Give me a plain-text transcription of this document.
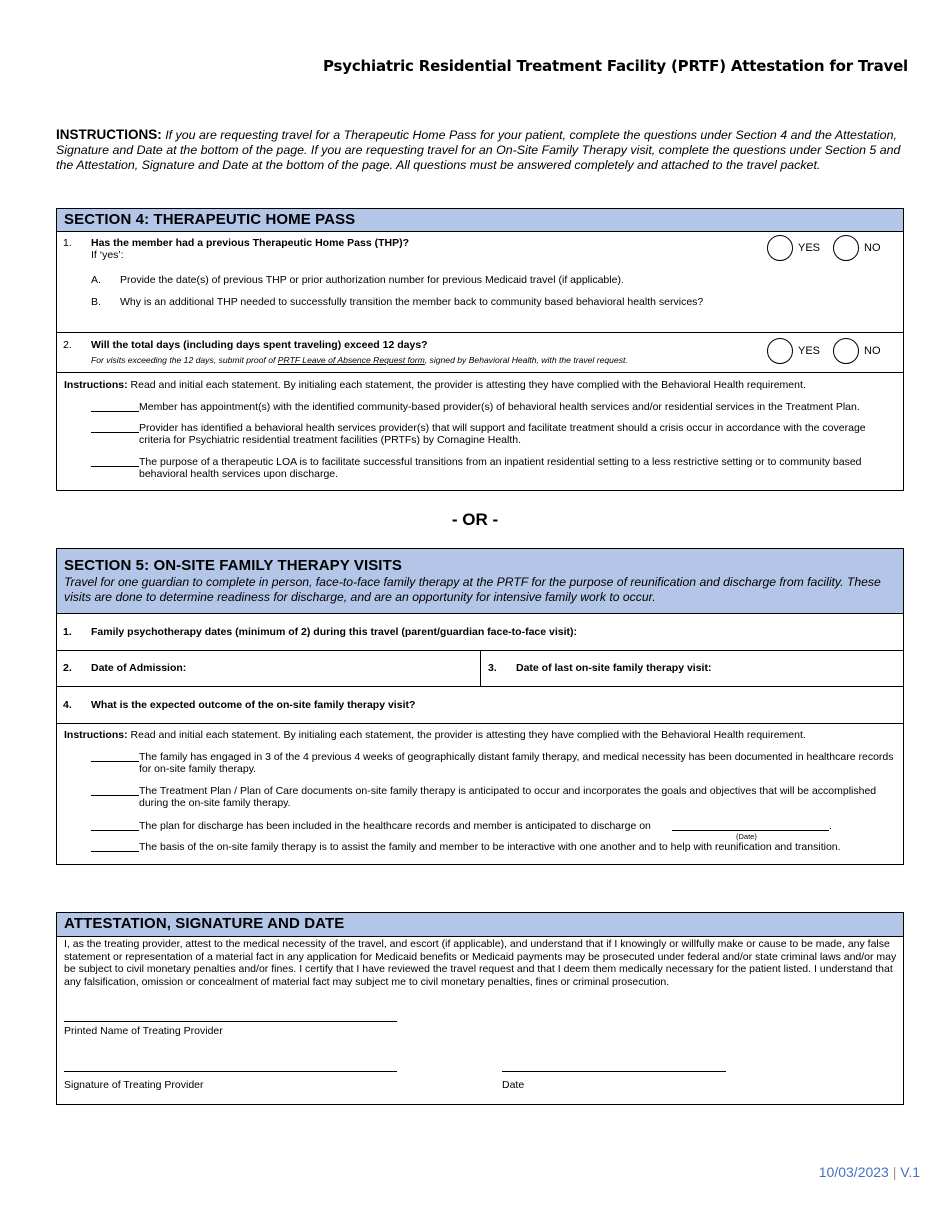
Psychiatric Residential Treatment Facility (PRTF) Attestation for Travel
INSTRUCTIONS: If you are requesting travel for a Therapeutic Home Pass for your patient, complete the questions under Section 4 and the Attestation, Signature and Date at the bottom of the page. If you are requesting travel for an On-Site Family Therapy visit, complete the questions under Section 5 and the Attestation, Signature and Date at the bottom of the page. All questions must be answered completely and attached to the travel packet.
SECTION 4: THERAPEUTIC HOME PASS
1. Has the member had a previous Therapeutic Home Pass (THP)?
If ‘yes’:
YES	NO
A. Provide the date(s) of previous THP or prior authorization number for previous Medicaid travel (if applicable).
B. Why is an additional THP needed to successfully transition the member back to community based behavioral health services?
2. Will the total days (including days spent traveling) exceed 12 days?
For visits exceeding the 12 days, submit proof of PRTF Leave of Absence Request form, signed by Behavioral Health, with the travel request.
YES	NO
Instructions: Read and initial each statement. By initialing each statement, the provider is attesting they have complied with the Behavioral Health requirement.
Member has appointment(s) with the identified community-based provider(s) of behavioral health services and/or residential services in the Treatment Plan.
Provider has identified a behavioral health services provider(s) that will support and facilitate treatment should a crisis occur in accordance with the coverage criteria for Psychiatric residential treatment facilities (PRTFs) by Comagine Health.
The purpose of a therapeutic LOA is to facilitate successful transitions from an inpatient residential setting to a less restrictive setting or to community based behavioral health services upon discharge.
- OR -
SECTION 5: ON-SITE FAMILY THERAPY VISITS
Travel for one guardian to complete in person, face-to-face family therapy at the PRTF for the purpose of reunification and discharge from facility. These visits are done to determine readiness for discharge, and are an opportunity for intensive family work to occur.
1. Family psychotherapy dates (minimum of 2) during this travel (parent/guardian face-to-face visit):
2. Date of Admission:	3. Date of last on-site family therapy visit:
4. What is the expected outcome of the on-site family therapy visit?
Instructions: Read and initial each statement. By initialing each statement, the provider is attesting they have complied with the Behavioral Health requirement.
The family has engaged in 3 of the 4 previous 4 weeks of geographically distant family therapy, and medical necessity has been documented in healthcare records for on-site family therapy.
The Treatment Plan / Plan of Care documents on-site family therapy is anticipated to occur and incorporates the goals and objectives that will be accomplished during the on-site family therapy.
The plan for discharge has been included in the healthcare records and member is anticipated to discharge on	.
(Date)
The basis of the on-site family therapy is to assist the family and member to be interactive with one another and to help with reunification and transition.
ATTESTATION, SIGNATURE AND DATE
I, as the treating provider, attest to the medical necessity of the travel, and escort (if applicable), and understand that if I knowingly or willfully make or cause to be made, any false statement or representation of a material fact in any application for Medicaid benefits or Medicaid payments may be prosecuted under federal and/or state criminal laws and/or may be subject to civil monetary penalties and/or fines. I certify that I have reviewed the travel request and that I deem them medically necessary for the patient listed. I understand that any falsification, omission or concealment of material fact may subject me to civil monetary penalties, fines or criminal prosecution.
Printed Name of Treating Provider
Signature of Treating Provider	Date
10/03/2023 | V.1
